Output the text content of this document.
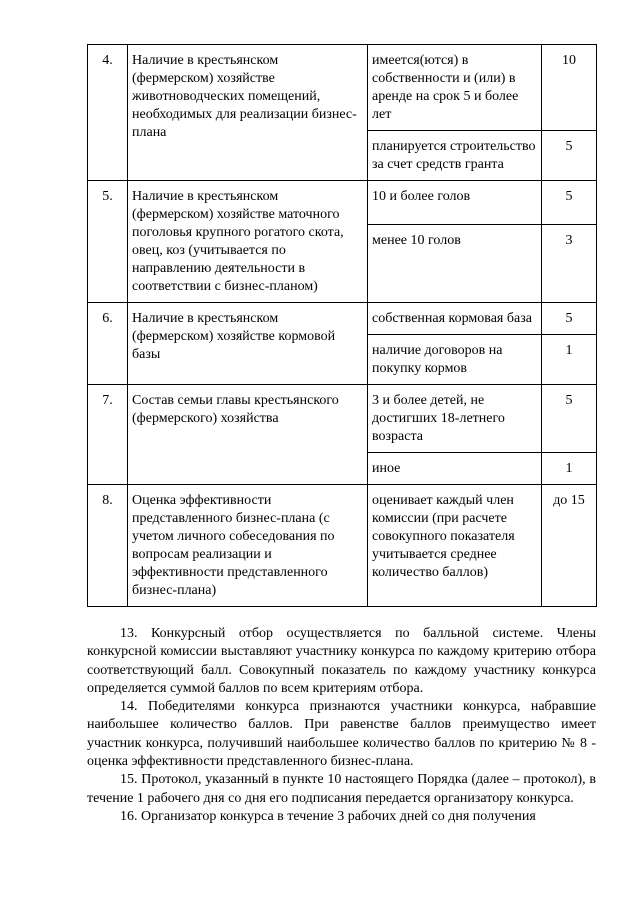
4.	Наличие в крестьянском (фермерском) хозяйстве животноводческих помещений, необходимых для реализации бизнес-плана	имеется(ются) в собственности и (или) в аренде на срок 5 и более лет	10
		планируется строительство за счет средств гранта	5
5.	Наличие в крестьянском (фермерском) хозяйстве маточного поголовья крупного рогатого скота, овец, коз (учитывается по направлению деятельности в соответствии с бизнес-планом)	10 и более голов	5
		менее 10 голов	3
6.	Наличие в крестьянском (фермерском) хозяйстве кормовой базы	собственная кормовая база	5
		наличие договоров на покупку кормов	1
7.	Состав семьи главы крестьянского (фермерского) хозяйства	3 и более детей, не достигших 18-летнего возраста	5
		иное	1
8.	Оценка эффективности представленного бизнес-плана (с учетом личного собеседования по вопросам реализации и эффективности представленного бизнес-плана)	оценивает каждый член комиссии (при расчете совокупного показателя учитывается среднее количество баллов)	до 15

13. Конкурсный отбор осуществляется по балльной системе. Члены конкурсной комиссии выставляют участнику конкурса по каждому критерию отбора соответствующий балл. Совокупный показатель по каждому участнику конкурса определяется суммой баллов по всем критериям отбора.

14. Победителями конкурса признаются участники конкурса, набравшие наибольшее количество баллов. При равенстве баллов преимущество имеет участник конкурса, получивший наибольшее количество баллов по критерию № 8 - оценка эффективности представленного бизнес-плана.

15. Протокол, указанный в пункте 10 настоящего Порядка (далее – протокол), в течение 1 рабочего дня со дня его подписания передается организатору конкурса.

16. Организатор конкурса в течение 3 рабочих дней со дня получения
